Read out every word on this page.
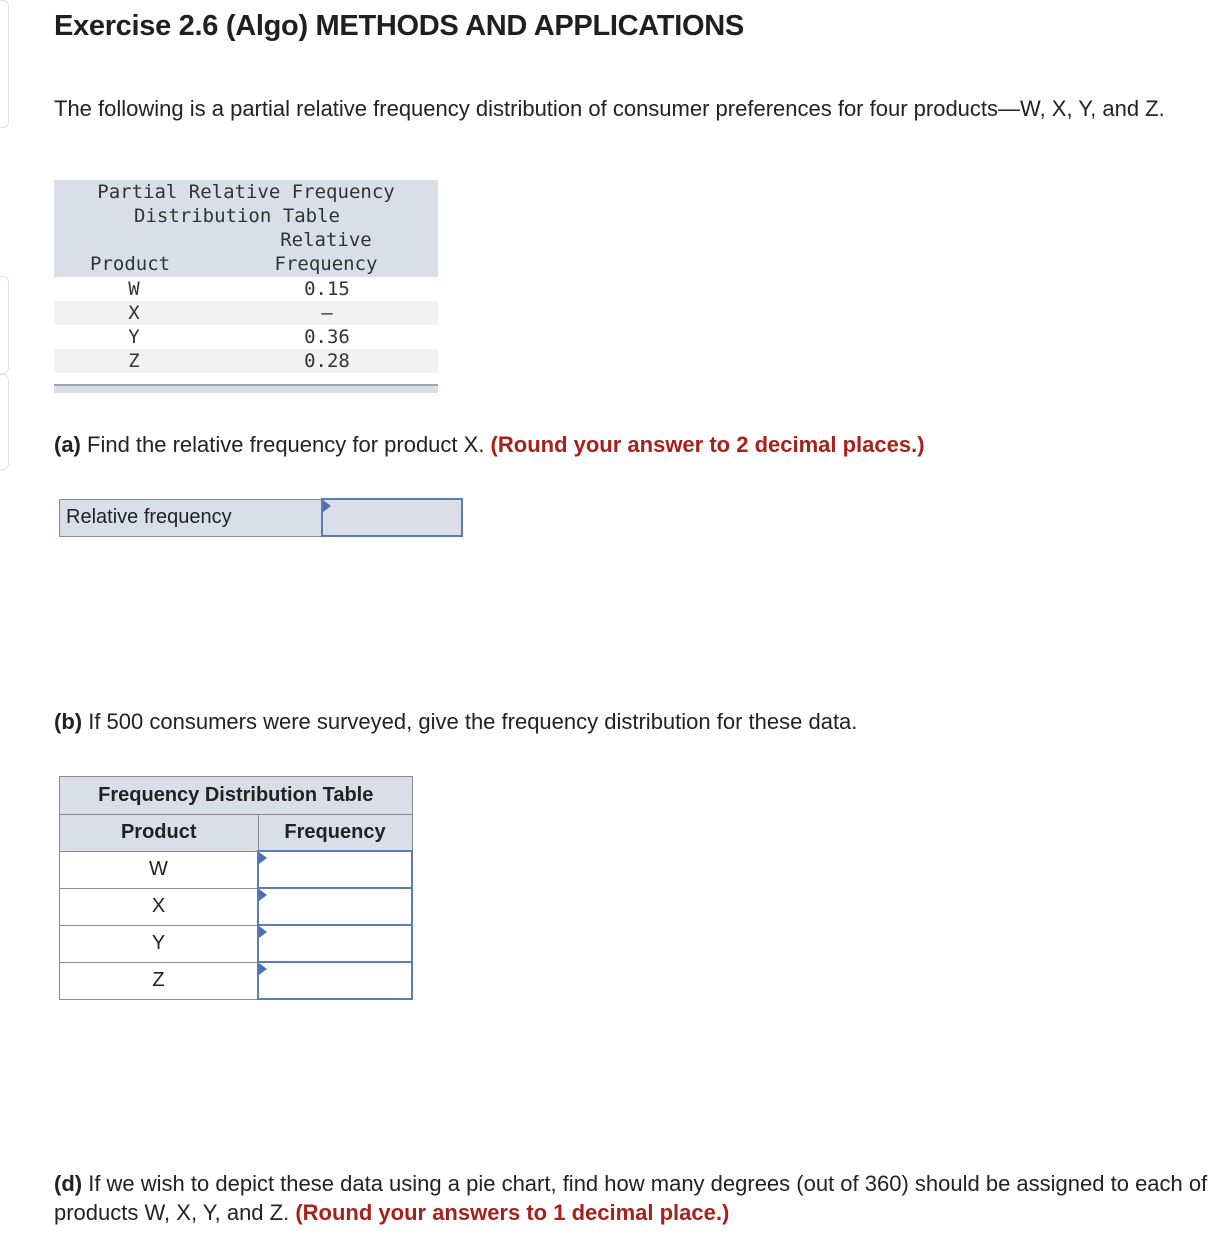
Exercise 2.6 (Algo) METHODS AND APPLICATIONS

The following is a partial relative frequency distribution of consumer preferences for four products—W, X, Y, and Z.

Partial Relative Frequency
Distribution Table
Relative
Frequency
Product
W	0.15
X	—
Y	0.36
Z	0.28

(a) Find the relative frequency for product X. (Round your answer to 2 decimal places.)

Relative frequency	

(b) If 500 consumers were surveyed, give the frequency distribution for these data.

Frequency Distribution Table	
Product	Frequency
W	

X	

Y	

Z	

(d) If we wish to depict these data using a pie chart, find how many degrees (out of 360) should be assigned to each of products W, X, Y, and Z. (Round your answers to 1 decimal place.)
